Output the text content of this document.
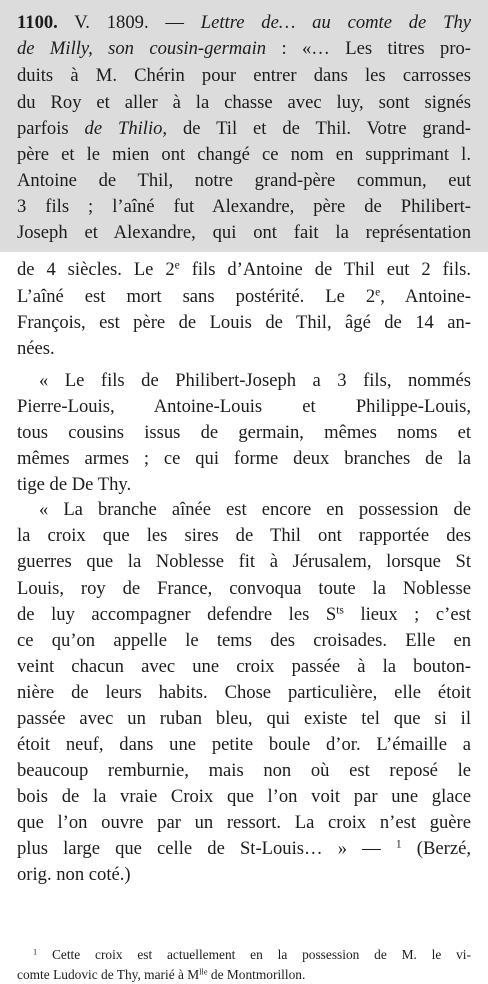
1100. V. 1809. — Lettre de… au comte de Thy
de Milly, son cousin-germain : «… Les titres pro-
duits à M. Chérin pour entrer dans les carrosses
du Roy et aller à la chasse avec luy, sont signés
parfois de Thilio, de Til et de Thil. Votre grand-
père et le mien ont changé ce nom en supprimant l.
Antoine de Thil, notre grand-père commun, eut
3 fils ; l’aîné fut Alexandre, père de Philibert-
Joseph et Alexandre, qui ont fait la représentation
de 4 siècles. Le 2e fils d’Antoine de Thil eut 2 fils.
L’aîné est mort sans postérité. Le 2e, Antoine-
François, est père de Louis de Thil, âgé de 14 an-
nées.
« Le fils de Philibert-Joseph a 3 fils, nommés
Pierre-Louis, Antoine-Louis et Philippe-Louis,
tous cousins issus de germain, mêmes noms et
mêmes armes ; ce qui forme deux branches de la
tige de De Thy.
« La branche aînée est encore en possession de
la croix que les sires de Thil ont rapportée des
guerres que la Noblesse fit à Jérusalem, lorsque St
Louis, roy de France, convoqua toute la Noblesse
de luy accompagner defendre les $S^{ts}$ lieux ; c’est
ce qu’on appelle le tems des croisades. Elle en
veint chacun avec une croix passée à la bouton-
nière de leurs habits. Chose particulière, elle étoit
passée avec un ruban bleu, qui existe tel que si il
étoit neuf, dans une petite boule d’or. L’émaille a
beaucoup remburnie, mais non où est reposé le
bois de la vraie Croix que l’on voit par une glace
que l’on ouvre par un ressort. La croix n’est guère
plus large que celle de St-Louis… » — $^1$ (Berzé,
orig. non coté.)
$^1$ Cette croix est actuellement en la possession de M. le vi-
comte Ludovic de Thy, marié à $M^{lle}$ de Montmorillon.
